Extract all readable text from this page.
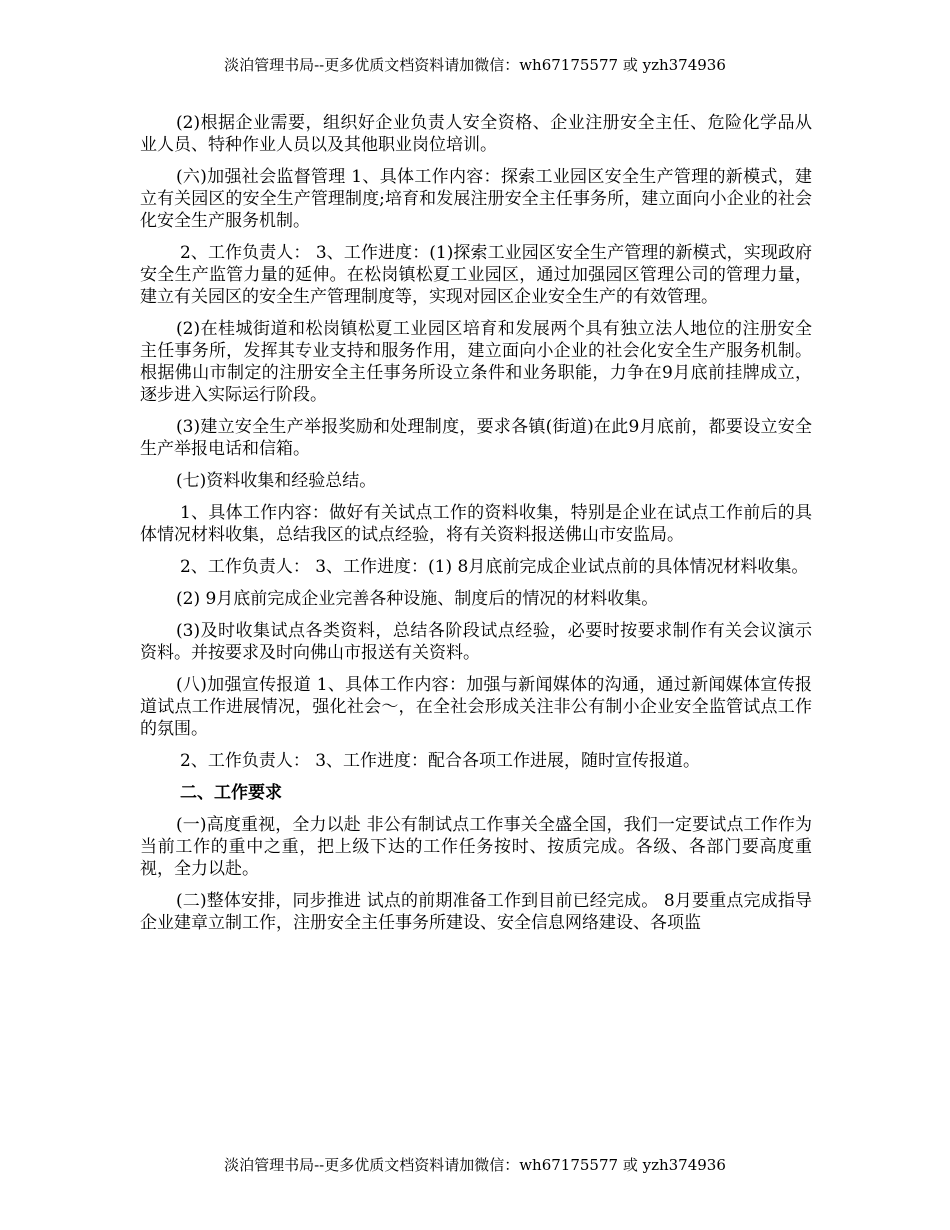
淡泊管理书局--更多优质文档资料请加微信：wh67175577 或 yzh374936

(2)根据企业需要，组织好企业负责人安全资格、企业注册安全主任、危险化学品从业人员、特种作业人员以及其他职业岗位培训。

(六)加强社会监督管理 1、具体工作内容：探索工业园区安全生产管理的新模式，建立有关园区的安全生产管理制度;培育和发展注册安全主任事务所，建立面向小企业的社会化安全生产服务机制。

2、工作负责人： 3、工作进度：(1)探索工业园区安全生产管理的新模式，实现政府安全生产监管力量的延伸。在松岗镇松夏工业园区，通过加强园区管理公司的管理力量，建立有关园区的安全生产管理制度等，实现对园区企业安全生产的有效管理。

(2)在桂城街道和松岗镇松夏工业园区培育和发展两个具有独立法人地位的注册安全主任事务所，发挥其专业支持和服务作用，建立面向小企业的社会化安全生产服务机制。根据佛山市制定的注册安全主任事务所设立条件和业务职能，力争在9月底前挂牌成立，逐步进入实际运行阶段。

(3)建立安全生产举报奖励和处理制度，要求各镇(街道)在此9月底前，都要设立安全生产举报电话和信箱。

(七)资料收集和经验总结。

1、具体工作内容：做好有关试点工作的资料收集，特别是企业在试点工作前后的具体情况材料收集，总结我区的试点经验，将有关资料报送佛山市安监局。

2、工作负责人： 3、工作进度：(1) 8月底前完成企业试点前的具体情况材料收集。

(2) 9月底前完成企业完善各种设施、制度后的情况的材料收集。

(3)及时收集试点各类资料，总结各阶段试点经验，必要时按要求制作有关会议演示资料。并按要求及时向佛山市报送有关资料。

(八)加强宣传报道 1、具体工作内容：加强与新闻媒体的沟通，通过新闻媒体宣传报道试点工作进展情况，强化社会～，在全社会形成关注非公有制小企业安全监管试点工作的氛围。

2、工作负责人： 3、工作进度：配合各项工作进展，随时宣传报道。

二、工作要求

(一)高度重视，全力以赴 非公有制试点工作事关全盛全国，我们一定要试点工作作为当前工作的重中之重，把上级下达的工作任务按时、按质完成。各级、各部门要高度重视，全力以赴。

(二)整体安排，同步推进 试点的前期准备工作到目前已经完成。 8月要重点完成指导企业建章立制工作，注册安全主任事务所建设、安全信息网络建设、各项监

淡泊管理书局--更多优质文档资料请加微信：wh67175577 或 yzh374936
